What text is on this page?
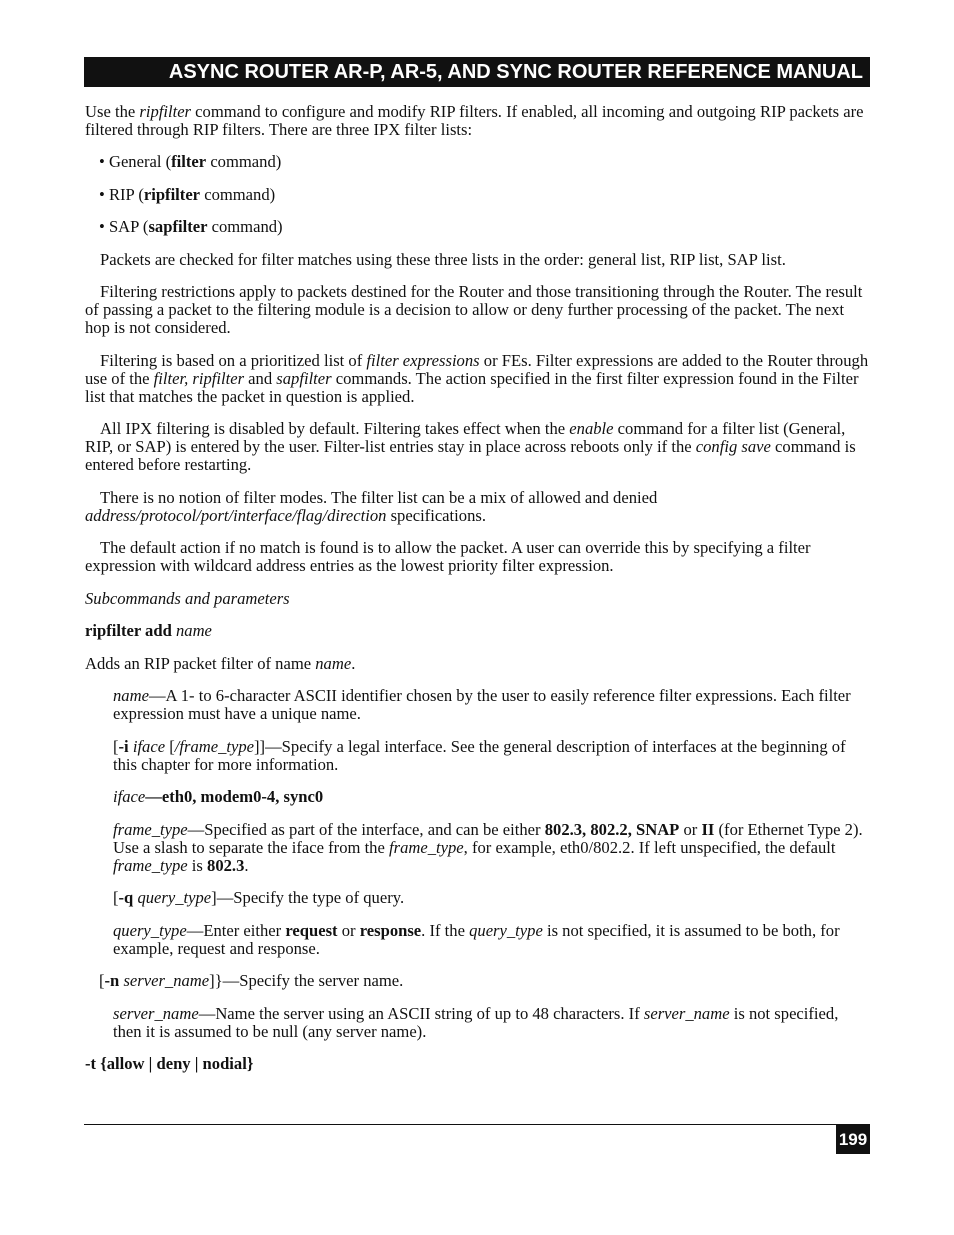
ASYNC ROUTER AR-P, AR-5, AND SYNC ROUTER REFERENCE MANUAL

Use the ripfilter command to configure and modify RIP filters. If enabled, all incoming and outgoing RIP packets are filtered through RIP filters. There are three IPX filter lists:

• General (filter command)

• RIP (ripfilter command)

• SAP (sapfilter command)

Packets are checked for filter matches using these three lists in the order: general list, RIP list, SAP list.

Filtering restrictions apply to packets destined for the Router and those transitioning through the Router. The result of passing a packet to the filtering module is a decision to allow or deny further processing of the packet. The next hop is not considered.

Filtering is based on a prioritized list of filter expressions or FEs. Filter expressions are added to the Router through use of the filter, ripfilter and sapfilter commands. The action specified in the first filter expression found in the Filter list that matches the packet in question is applied.

All IPX filtering is disabled by default. Filtering takes effect when the enable command for a filter list (General, RIP, or SAP) is entered by the user. Filter-list entries stay in place across reboots only if the config save command is entered before restarting.

There is no notion of filter modes. The filter list can be a mix of allowed and denied address/protocol/port/interface/flag/direction specifications.

The default action if no match is found is to allow the packet. A user can override this by specifying a filter expression with wildcard address entries as the lowest priority filter expression.

Subcommands and parameters

ripfilter add name

Adds an RIP packet filter of name name.

name—A 1- to 6-character ASCII identifier chosen by the user to easily reference filter expressions. Each filter expression must have a unique name.

[-i iface [/frame_type]]—Specify a legal interface. See the general description of interfaces at the beginning of this chapter for more information.

iface—eth0, modem0-4, sync0

frame_type—Specified as part of the interface, and can be either 802.3, 802.2, SNAP or II (for Ethernet Type 2). Use a slash to separate the iface from the frame_type, for example, eth0/802.2. If left unspecified, the default frame_type is 802.3.

[-q query_type]—Specify the type of query.

query_type—Enter either request or response. If the query_type is not specified, it is assumed to be both, for example, request and response.

[-n server_name]}—Specify the server name.

server_name—Name the server using an ASCII string of up to 48 characters. If server_name is not specified, then it is assumed to be null (any server name).

-t {allow | deny | nodial}

199
